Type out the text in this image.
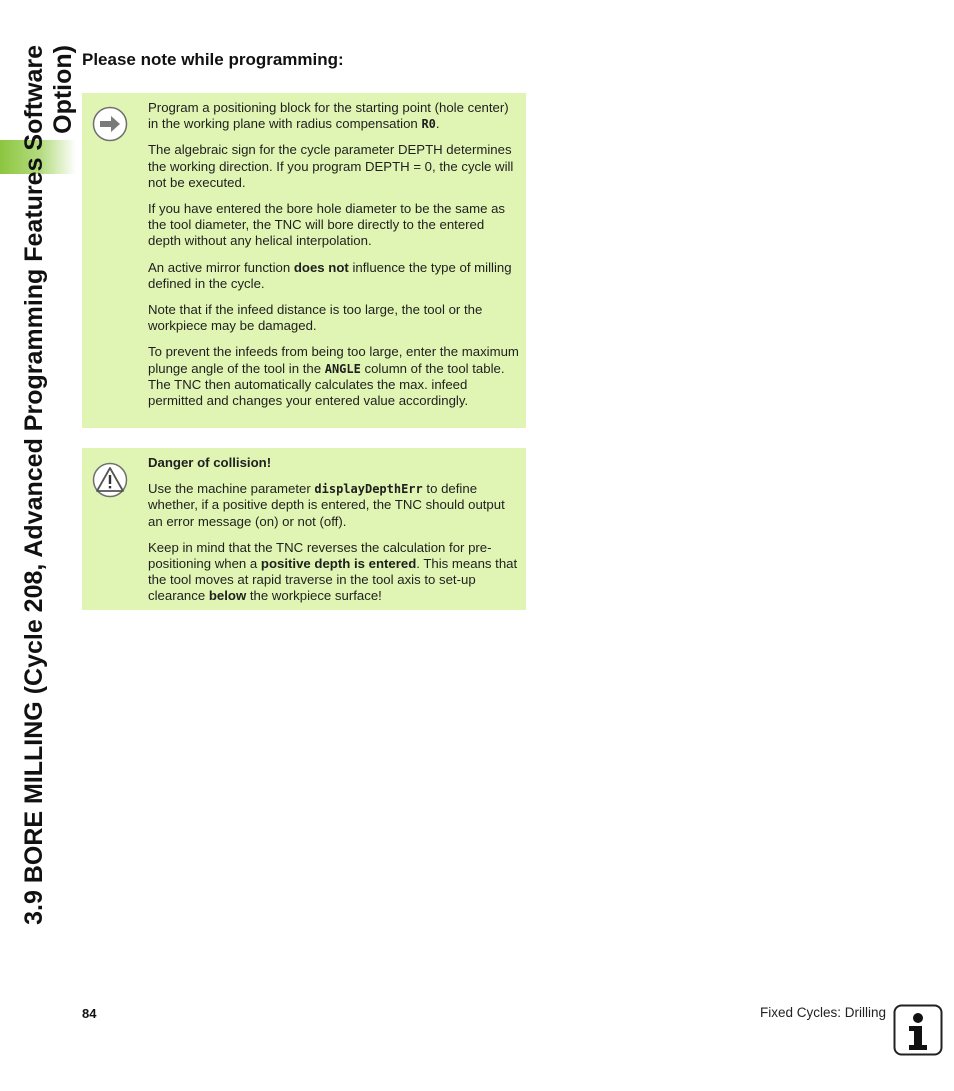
3.9 BORE MILLING (Cycle 208, Advanced Programming Features Software Option) Please note while programming:

Program a positioning block for the starting point (hole center) in the working plane with radius compensation R0.

The algebraic sign for the cycle parameter DEPTH determines the working direction. If you program DEPTH = 0, the cycle will not be executed.

If you have entered the bore hole diameter to be the same as the tool diameter, the TNC will bore directly to the entered depth without any helical interpolation.

An active mirror function does not influence the type of milling defined in the cycle.

Note that if the infeed distance is too large, the tool or the workpiece may be damaged.

To prevent the infeeds from being too large, enter the maximum plunge angle of the tool in the ANGLE column of the tool table. The TNC then automatically calculates the max. infeed permitted and changes your entered value accordingly.

Danger of collision!

Use the machine parameter displayDepthErr to define whether, if a positive depth is entered, the TNC should output an error message (on) or not (off).

Keep in mind that the TNC reverses the calculation for pre-positioning when a positive depth is entered. This means that the tool moves at rapid traverse in the tool axis to set-up clearance below the workpiece surface!

84	Fixed Cycles: Drilling
